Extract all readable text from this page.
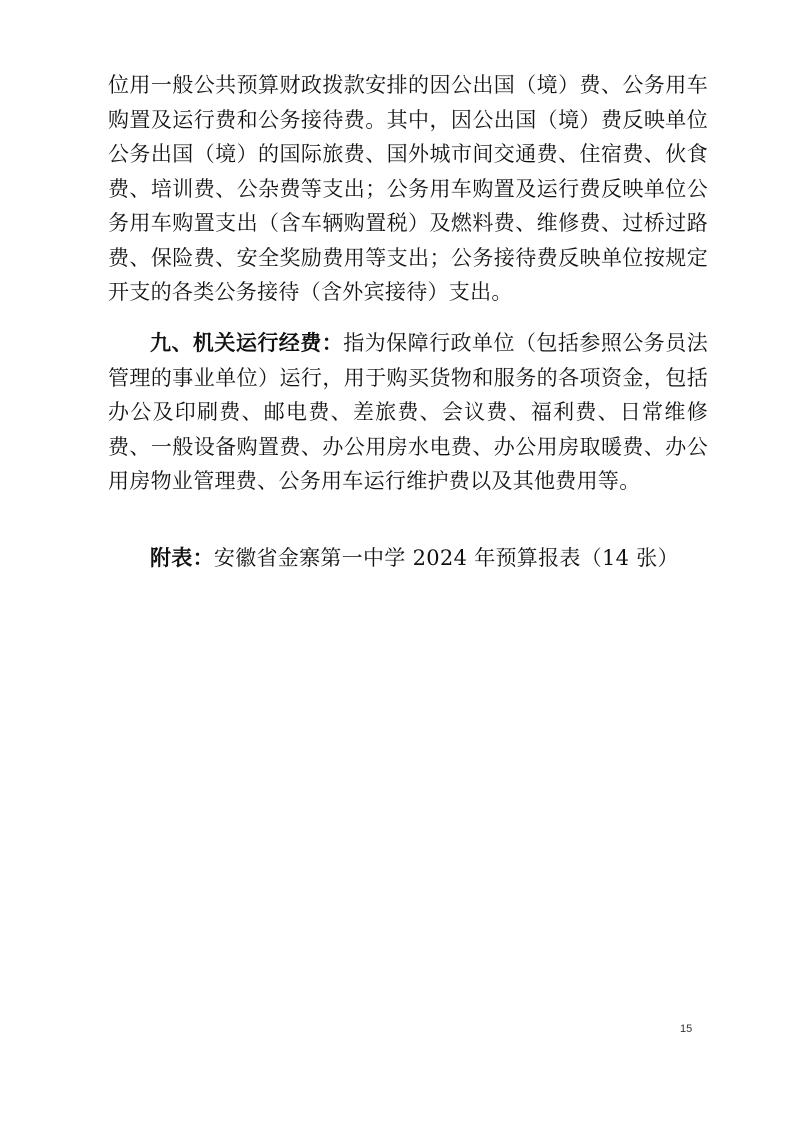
位用一般公共预算财政拨款安排的因公出国（境）费、公务用车购置及运行费和公务接待费。其中，因公出国（境）费反映单位公务出国（境）的国际旅费、国外城市间交通费、住宿费、伙食费、培训费、公杂费等支出；公务用车购置及运行费反映单位公务用车购置支出（含车辆购置税）及燃料费、维修费、过桥过路费、保险费、安全奖励费用等支出；公务接待费反映单位按规定开支的各类公务接待（含外宾接待）支出。

九、机关运行经费：指为保障行政单位（包括参照公务员法管理的事业单位）运行，用于购买货物和服务的各项资金，包括办公及印刷费、邮电费、差旅费、会议费、福利费、日常维修费、一般设备购置费、办公用房水电费、办公用房取暖费、办公用房物业管理费、公务用车运行维护费以及其他费用等。

附表：安徽省金寨第一中学 2024 年预算报表（14 张）

15
